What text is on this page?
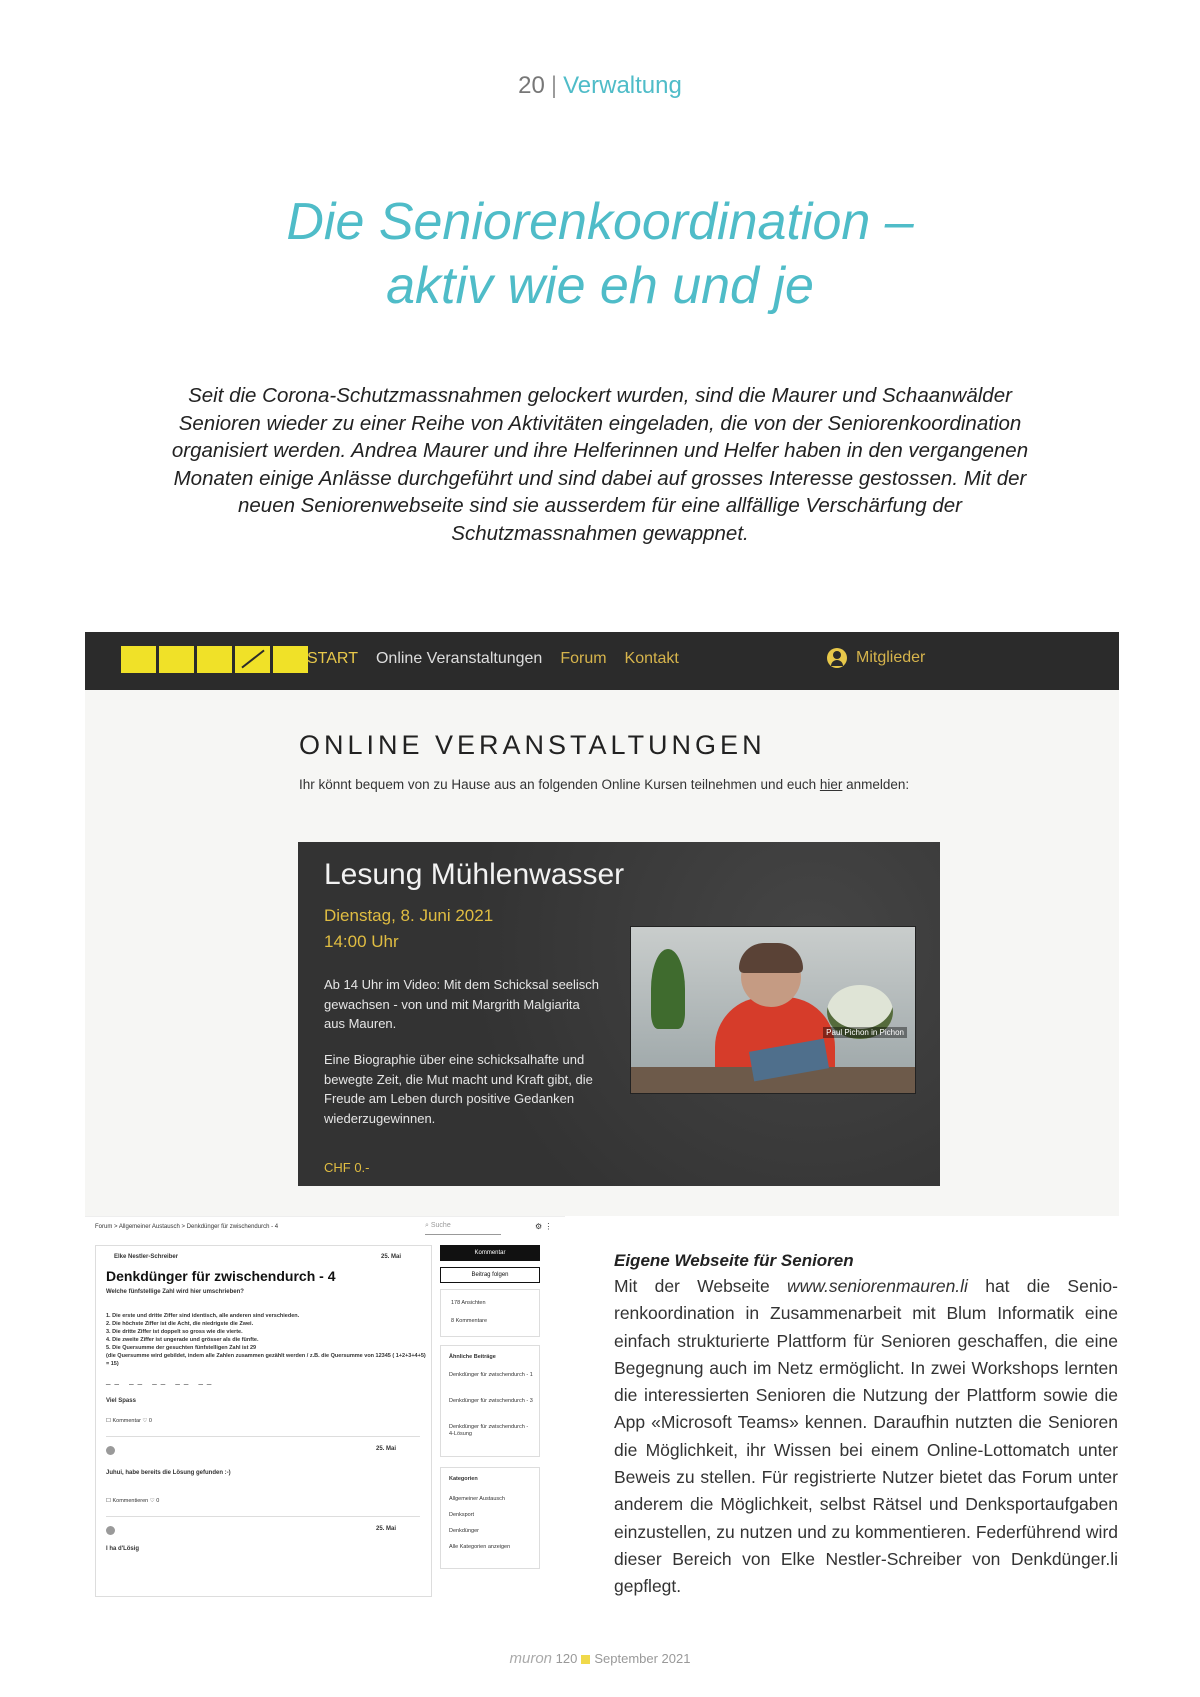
20 | Verwaltung
Die Seniorenkoordination –
aktiv wie eh und je

Seit die Corona-Schutzmassnahmen gelockert wurden, sind die Maurer und Schaanwälder Senioren wieder zu einer Reihe von Aktivitäten eingeladen, die von der Seniorenkoordination organisiert werden. Andrea Maurer und ihre Helferinnen und Helfer haben in den vergangenen Monaten einige Anlässe durchgeführt und sind dabei auf grosses Interesse gestossen. Mit der neuen Seniorenwebseite sind sie ausserdem für eine allfällige Verschärfung der Schutzmassnahmen gewappnet.

START Online Veranstaltungen Forum Kontakt	Mitglieder
ONLINE VERANSTALTUNGEN
Ihr könnt bequem von zu Hause aus an folgenden Online Kursen teilnehmen und euch hier anmelden:
Lesung Mühlenwasser
Dienstag, 8. Juni 2021
14:00 Uhr

Ab 14 Uhr im Video: Mit dem Schicksal seelisch gewachsen - von und mit Margrith Malgiarita aus Mauren.

Eine Biographie über eine schicksalhafte und bewegte Zeit, die Mut macht und Kraft gibt, die Freude am Leben durch positive Gedanken wiederzugewinnen.

CHF 0.-
Paul Pichon in Pichon
Forum > Allgemeiner Austausch > Denkdünger für zwischendurch - 4	⌕ Suche	⚙ ⋮
Elke Nestler-Schreiber	25. Mai
Denkdünger für zwischendurch - 4
Welche fünfstellige Zahl wird hier umschrieben?

1. Die erste und dritte Ziffer sind identisch, alle anderen sind verschieden.
2. Die höchste Ziffer ist die Acht, die niedrigste die Zwei.
3. Die dritte Ziffer ist doppelt so gross wie die vierte.
4. Die zweite Ziffer ist ungerade und grösser als die fünfte.
5. Die Quersumme der gesuchten fünfstelligen Zahl ist 29
(die Quersumme wird gebildet, indem alle Zahlen zusammen gezählt werden / z.B. die Quersumme von 12345 ( 1+2+3+4+5) = 15)

__ __ __ __ __
Viel Spass
☐ Kommentar ♡ 0
25. Mai
Juhui, habe bereits die Lösung gefunden :-)
☐ Kommentieren ♡ 0
25. Mai
I ha d'Lösig
Kommentar
Beitrag folgen
178 Ansichten
8 Kommentare
Ähnliche Beiträge
Denkdünger für zwischendurch - 1
Denkdünger für zwischendurch - 3
Denkdünger für zwischendurch - 4-Lösung
Kategorien
Allgemeiner Austausch
Denksport
Denkdünger
Alle Kategorien anzeigen

Eigene Webseite für Senioren

Mit der Webseite www.seniorenmauren.li hat die Seniorenkoordination in Zusammenarbeit mit Blum Informatik eine einfach strukturierte Plattform für Senioren geschaffen, die eine Begegnung auch im Netz ermöglicht. In zwei Workshops lernten die interessierten Senioren die Nutzung der Plattform sowie die App «Microsoft Teams» kennen. Daraufhin nutzten die Senioren die Möglichkeit, ihr Wissen bei einem Online-Lottomatch unter Beweis zu stellen. Für registrierte Nutzer bietet das Forum unter anderem die Möglichkeit, selbst Rätsel und Denksportaufgaben einzustellen, zu nutzen und zu kommentieren. Federführend wird dieser Bereich von Elke Nestler-Schreiber von Denkdünger.li gepflegt.

muron 120 September 2021
